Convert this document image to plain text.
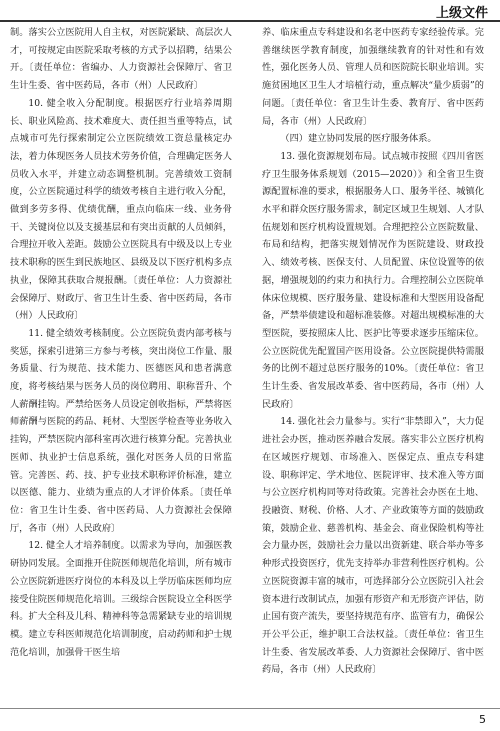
上级文件

制。落实公立医院用人自主权，对医院紧缺、高层次人才，可按规定由医院采取考核的方式予以招聘，结果公开。〔责任单位：省编办、人力资源社会保障厅、省卫生计生委、省中医药局，各市（州）人民政府〕

10. 健全收入分配制度。根据医疗行业培养周期长、职业风险高、技术难度大、责任担当重等特点，试点城市可先行探索制定公立医院绩效工资总量核定办法，着力体现医务人员技术劳务价值，合理确定医务人员收入水平，并建立动态调整机制。完善绩效工资制度，公立医院通过科学的绩效考核自主进行收入分配，做到多劳多得、优绩优酬，重点向临床一线、业务骨干、关键岗位以及支援基层和有突出贡献的人员倾斜，合理拉开收入差距。鼓励公立医院具有中级及以上专业技术职称的医生到民族地区、县级及以下医疗机构多点执业，保障其获取合规报酬。〔责任单位：人力资源社会保障厅、财政厅、省卫生计生委、省中医药局，各市（州）人民政府〕

11. 健全绩效考核制度。公立医院负责内部考核与奖惩，探索引进第三方参与考核，突出岗位工作量、服务质量、行为规范、技术能力、医德医风和患者满意度，将考核结果与医务人员的岗位聘用、职称晋升、个人薪酬挂钩。严禁给医务人员设定创收指标，严禁将医师薪酬与医院的药品、耗材、大型医学检查等业务收入挂钩，严禁医院内部科室再次进行核算分配。完善执业医师、执业护士信息系统，强化对医务人员的日常监管。完善医、药、技、护专业技术职称评价标准，建立以医德、能力、业绩为重点的人才评价体系。〔责任单位：省卫生计生委、省中医药局、人力资源社会保障厅，各市（州）人民政府〕

12. 健全人才培养制度。以需求为导向，加强医教研协同发展。全面推开住院医师规范化培训，所有城市公立医院新进医疗岗位的本科及以上学历临床医师均应接受住院医师规范化培训。三级综合医院设立全科医学科。扩大全科及儿科、精神科等急需紧缺专业的培训规模。建立专科医师规范化培训制度，启动药师和护士规范化培训，加强骨干医生培

养、临床重点专科建设和名老中医药专家经验传承。完善继续医学教育制度，加强继续教育的针对性和有效性，强化医务人员、管理人员和医院院长职业培训。实施贫困地区卫生人才培植行动，重点解决“量少质弱”的问题。〔责任单位：省卫生计生委、教育厅、省中医药局，各市（州）人民政府〕

（四）建立协同发展的医疗服务体系。

13. 强化资源规划布局。试点城市按照《四川省医疗卫生服务体系规划（2015—2020）》和全省卫生资源配置标准的要求，根据服务人口、服务半径、城镇化水平和群众医疗服务需求，制定区域卫生规划、人才队伍规划和医疗机构设置规划。合理把控公立医院数量、布局和结构，把落实规划情况作为医院建设、财政投入、绩效考核、医保支付、人员配置、床位设置等的依据，增强规划的约束力和执行力。合理控制公立医院单体床位规模、医疗服务量、建设标准和大型医用设备配备，严禁举债建设和超标准装修。对超出规模标准的大型医院，要按照床人比、医护比等要求逐步压缩床位。公立医院优先配置国产医用设备。公立医院提供特需服务的比例不超过总医疗服务的10%。〔责任单位：省卫生计生委、省发展改革委、省中医药局，各市（州）人民政府〕

14. 强化社会力量参与。实行“非禁即入”，大力促进社会办医，推动医养融合发展。落实非公立医疗机构在区域医疗规划、市场准入、医保定点、重点专科建设、职称评定、学术地位、医院评审、技术准入等方面与公立医疗机构同等对待政策。完善社会办医在土地、投融资、财税、价格、人才、产业政策等方面的鼓励政策，鼓励企业、慈善机构、基金会、商业保险机构等社会力量办医，鼓励社会力量以出资新建、联合举办等多种形式投资医疗，优先支持举办非营利性医疗机构。公立医院资源丰富的城市，可选择部分公立医院引入社会资本进行改制试点，加强有形资产和无形资产评估，防止国有资产流失，要坚持规范有序、监管有力，确保公开公平公正，维护职工合法权益。〔责任单位：省卫生计生委、省发展改革委、人力资源社会保障厅、省中医药局，各市（州）人民政府〕

5
